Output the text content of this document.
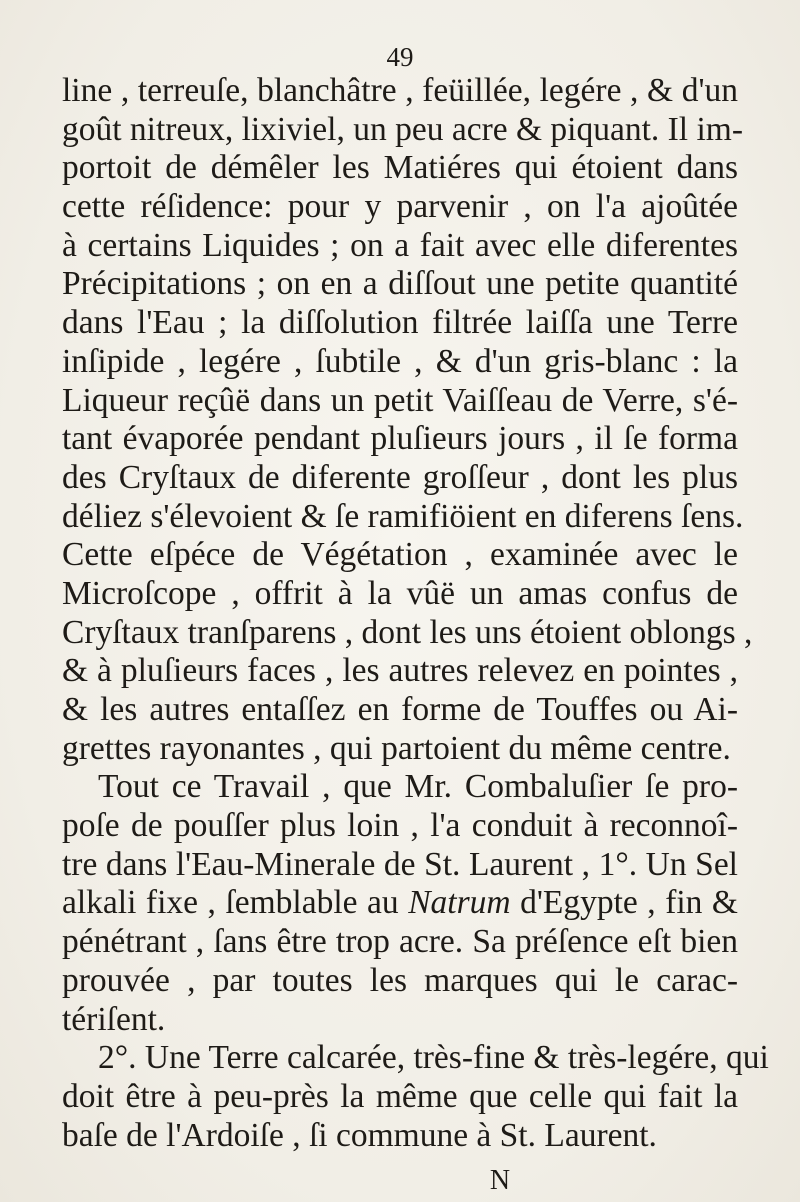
49
line , terreuſe, blanchâtre , feüillée, legére , & d'un
goût nitreux, lixiviel, un peu acre & piquant. Il im-
portoit de démêler les Matiéres qui étoient dans
cette réſidence: pour y parvenir , on l'a ajoûtée
à certains Liquides ; on a fait avec elle diferentes
Précipitations ; on en a diſſout une petite quantité
dans l'Eau ; la diſſolution filtrée laiſſa une Terre
inſipide , legére , ſubtile , & d'un gris-blanc : la
Liqueur reçûë dans un petit Vaiſſeau de Verre, s'é-
tant évaporée pendant pluſieurs jours , il ſe forma
des Cryſtaux de diferente groſſeur , dont les plus
déliez s'élevoient & ſe ramifiöient en diferens ſens.
Cette eſpéce de Végétation , examinée avec le
Microſcope , offrit à la vûë un amas confus de
Cryſtaux tranſparens , dont les uns étoient oblongs ,
& à pluſieurs faces , les autres relevez en pointes ,
& les autres entaſſez en forme de Touffes ou Ai-
grettes rayonantes , qui partoient du même centre.
Tout ce Travail , que Mr. Combaluſier ſe pro-
poſe de pouſſer plus loin , l'a conduit à reconnoî-
tre dans l'Eau-Minerale de St. Laurent , 1°. Un Sel
alkali fixe , ſemblable au Natrum d'Egypte , fin &
pénétrant , ſans être trop acre. Sa préſence eſt bien
prouvée , par toutes les marques qui le carac-
tériſent.
2°. Une Terre calcarée, très-fine & très-legére, qui
doit être à peu-près la même que celle qui fait la
baſe de l'Ardoiſe , ſi commune à St. Laurent.
N
